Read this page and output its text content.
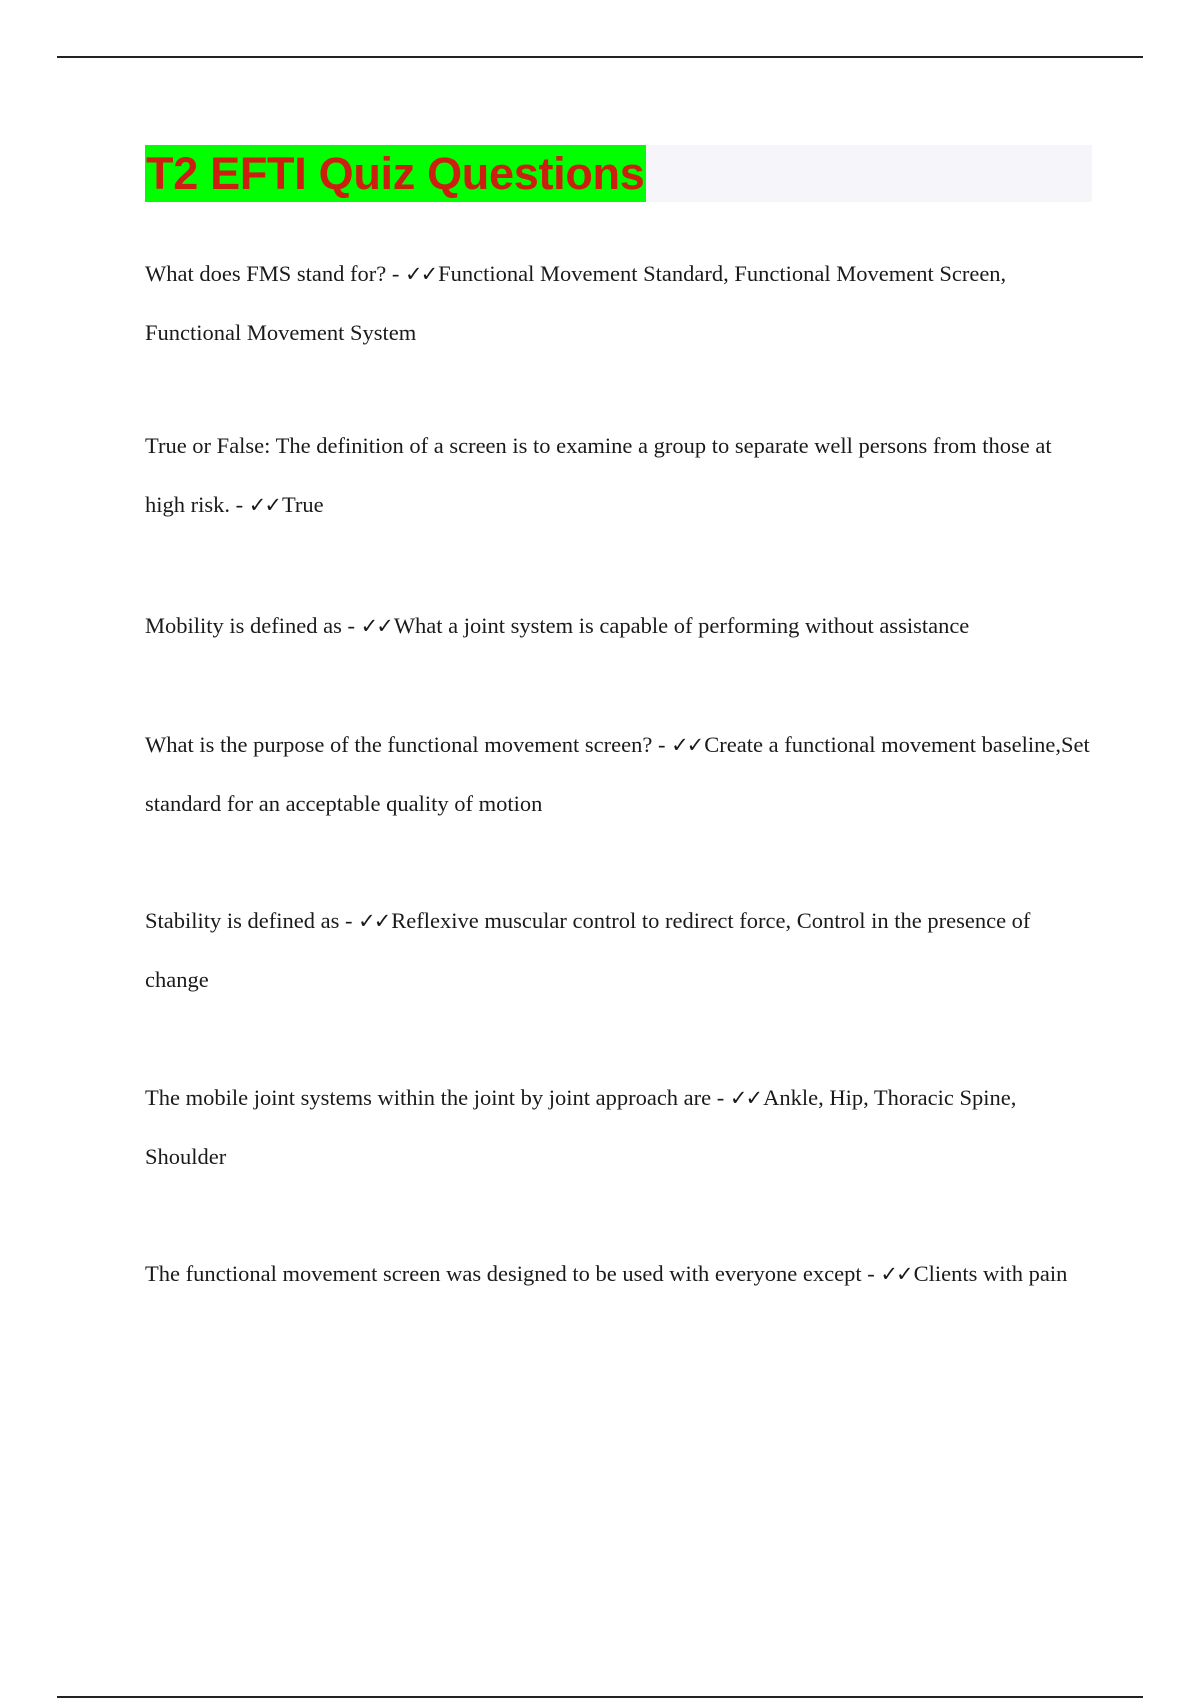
T2 EFTI Quiz Questions

What does FMS stand for? - ✓✓Functional Movement Standard, Functional Movement Screen, Functional Movement System

True or False: The definition of a screen is to examine a group to separate well persons from those at high risk. - ✓✓True

Mobility is defined as - ✓✓What a joint system is capable of performing without assistance

What is the purpose of the functional movement screen? - ✓✓Create a functional movement baseline,Set standard for an acceptable quality of motion

Stability is defined as - ✓✓Reflexive muscular control to redirect force, Control in the presence of change

The mobile joint systems within the joint by joint approach are - ✓✓Ankle, Hip, Thoracic Spine, Shoulder

The functional movement screen was designed to be used with everyone except - ✓✓Clients with pain
